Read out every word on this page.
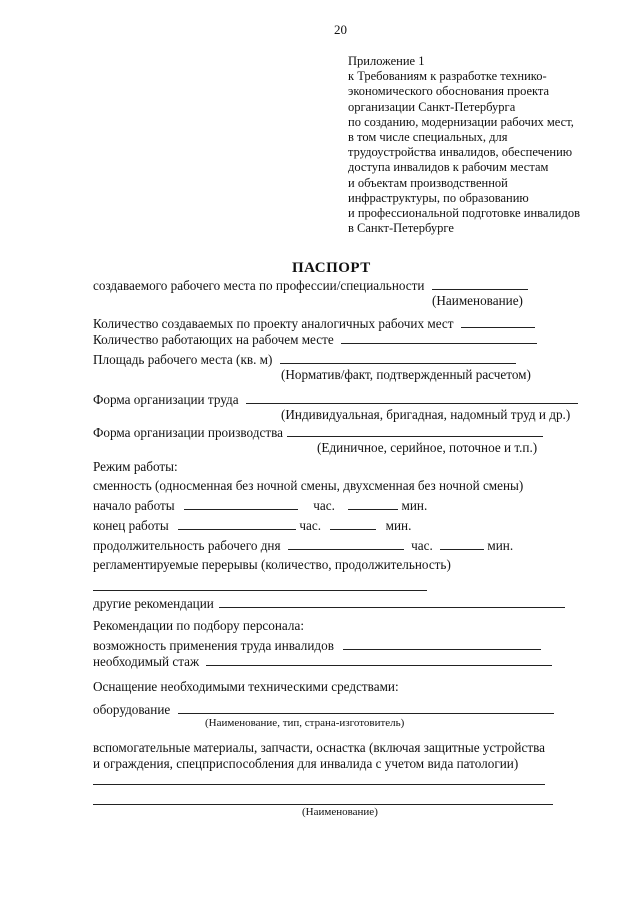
20
Приложение 1
к Требованиям к разработке технико-
экономического обоснования проекта
организации Санкт-Петербурга
по созданию, модернизации рабочих мест,
в том числе специальных, для
трудоустройства инвалидов, обеспечению
доступа инвалидов к рабочим местам
и объектам производственной
инфраструктуры, по образованию
и профессиональной подготовке инвалидов
в Санкт-Петербурге
ПАСПОРТ
создаваемого рабочего места по профессии/специальности
(Наименование)
Количество создаваемых по проекту аналогичных рабочих мест
Количество работающих на рабочем месте
Площадь рабочего места (кв. м)
(Норматив/факт, подтвержденный расчетом)
Форма организации труда
(Индивидуальная, бригадная, надомный труд и др.)
Форма организации производства
(Единичное, серийное, поточное и т.п.)
Режим работы:
сменность (односменная без ночной смены, двухсменная без ночной смены)
начало работы	час.	мин.
конец работы	час.	мин.
продолжительность рабочего дня	час.	мин.
регламентируемые перерывы (количество, продолжительность)
другие рекомендации
Рекомендации по подбору персонала:
возможность применения труда инвалидов
необходимый стаж
Оснащение необходимыми техническими средствами:
оборудование
(Наименование, тип, страна-изготовитель)
вспомогательные материалы, запчасти, оснастка (включая защитные устройства
и ограждения, спецприспособления для инвалида с учетом вида патологии)
(Наименование)
